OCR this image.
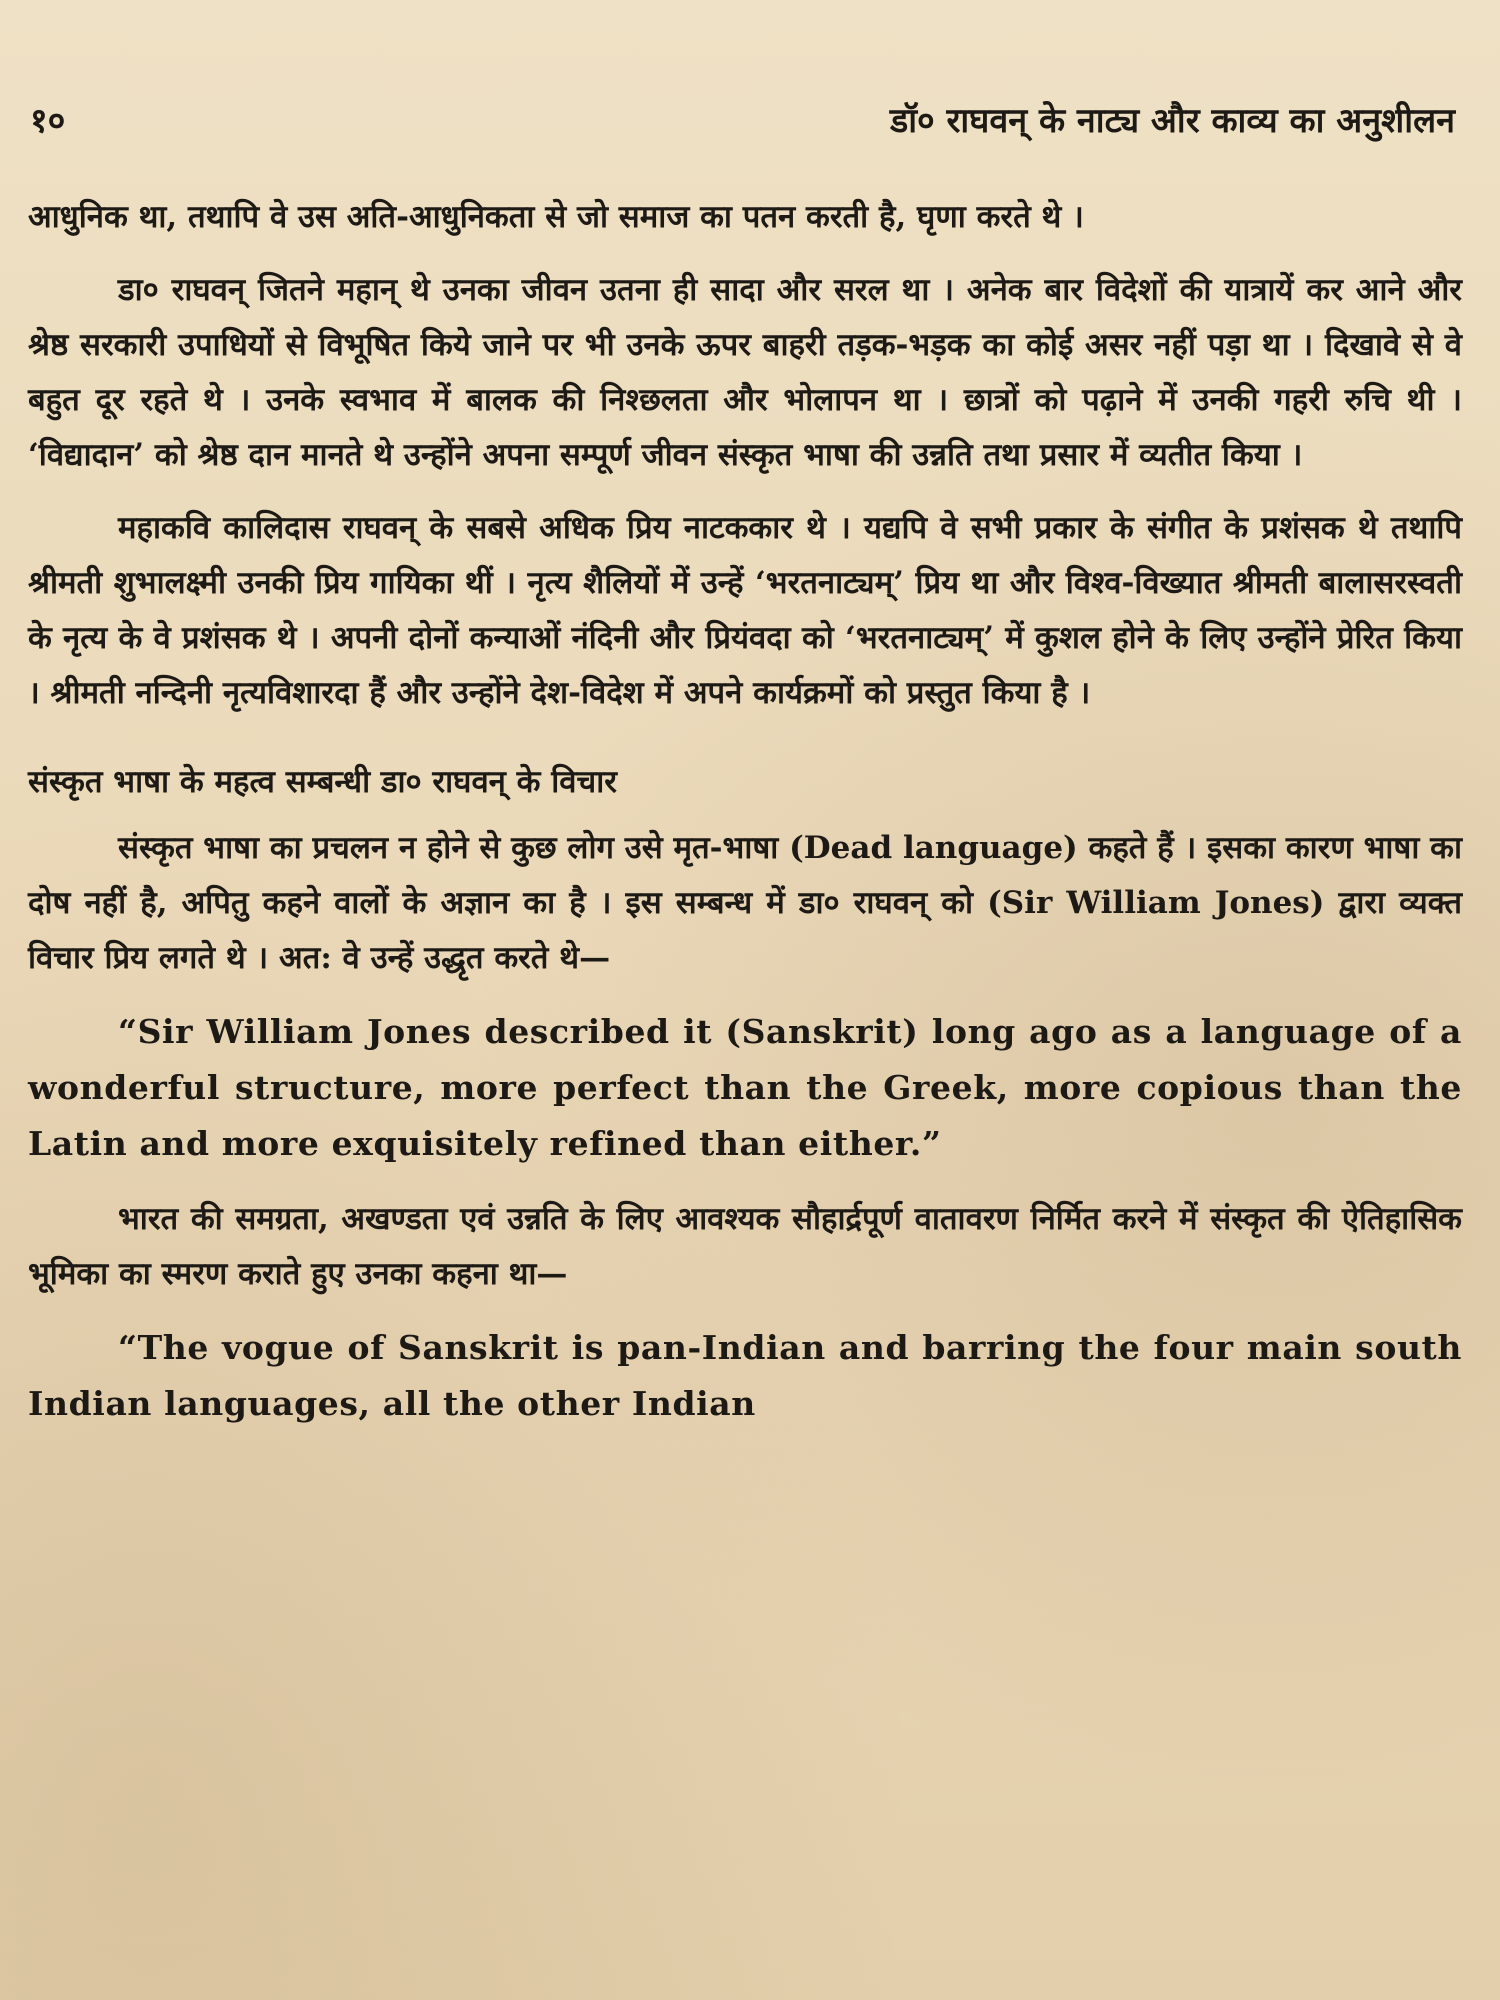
१०	डॉ० राघवन् के नाट्य और काव्य का अनुशीलन

आधुनिक था, तथापि वे उस अति-आधुनिकता से जो समाज का पतन करती है, घृणा करते थे ।

डा० राघवन् जितने महान् थे उनका जीवन उतना ही सादा और सरल था । अनेक बार विदेशों की यात्रायें कर आने और श्रेष्ठ सरकारी उपाधियों से विभूषित किये जाने पर भी उनके ऊपर बाहरी तड़क-भड़क का कोई असर नहीं पड़ा था । दिखावे से वे बहुत दूर रहते थे । उनके स्वभाव में बालक की निश्छलता और भोलापन था । छात्रों को पढ़ाने में उनकी गहरी रुचि थी । ‘विद्यादान’ को श्रेष्ठ दान मानते थे उन्होंने अपना सम्पूर्ण जीवन संस्कृत भाषा की उन्नति तथा प्रसार में व्यतीत किया ।

महाकवि कालिदास राघवन् के सबसे अधिक प्रिय नाटककार थे । यद्यपि वे सभी प्रकार के संगीत के प्रशंसक थे तथापि श्रीमती शुभालक्ष्मी उनकी प्रिय गायिका थीं । नृत्य शैलियों में उन्हें ‘भरतनाट्यम्’ प्रिय था और विश्व-विख्यात श्रीमती बालासरस्वती के नृत्य के वे प्रशंसक थे । अपनी दोनों कन्याओं नंदिनी और प्रियंवदा को ‘भरतनाट्यम्’ में कुशल होने के लिए उन्होंने प्रेरित किया । श्रीमती नन्दिनी नृत्यविशारदा हैं और उन्होंने देश-विदेश में अपने कार्यक्रमों को प्रस्तुत किया है ।

संस्कृत भाषा के महत्व सम्बन्धी डा० राघवन् के विचार

संस्कृत भाषा का प्रचलन न होने से कुछ लोग उसे मृत-भाषा (Dead language) कहते हैं । इसका कारण भाषा का दोष नहीं है, अपितु कहने वालों के अज्ञान का है । इस सम्बन्ध में डा० राघवन् को (Sir William Jones) द्वारा व्यक्त विचार प्रिय लगते थे । अत: वे उन्हें उद्धृत करते थे—

“Sir William Jones described it (Sanskrit) long ago as a language of a wonderful structure, more perfect than the Greek, more copious than the Latin and more exquisitely refined than either.”

भारत की समग्रता, अखण्डता एवं उन्नति के लिए आवश्यक सौहार्द्रपूर्ण वातावरण निर्मित करने में संस्कृत की ऐतिहासिक भूमिका का स्मरण कराते हुए उनका कहना था—

“The vogue of Sanskrit is pan-Indian and barring the four main south Indian languages, all the other Indian
